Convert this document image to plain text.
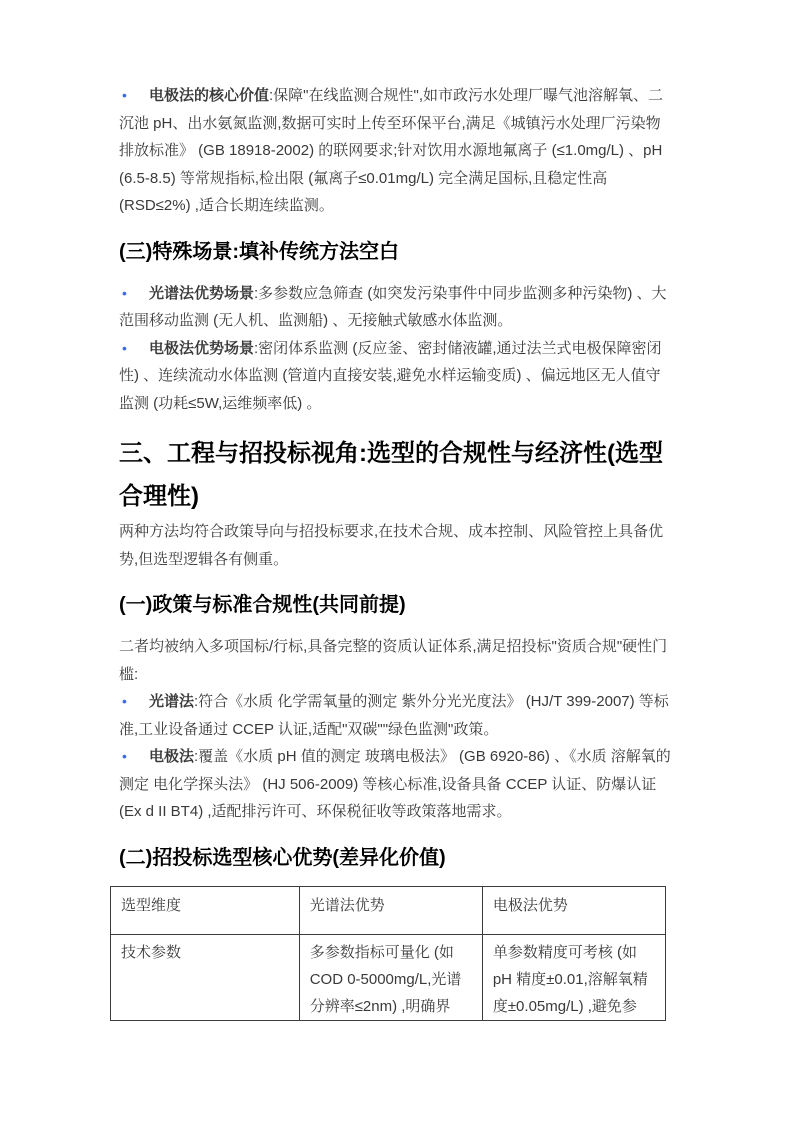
• 电极法的核心价值:保障"在线监测合规性",如市政污水处理厂曝气池溶解氧、二沉池 pH、出水氨氮监测,数据可实时上传至环保平台,满足《城镇污水处理厂污染物排放标准》 (GB 18918-2002) 的联网要求;针对饮用水源地氟离子 (≤1.0mg/L) 、pH (6.5-8.5) 等常规指标,检出限 (氟离子≤0.01mg/L) 完全满足国标,且稳定性高 (RSD≤2%) ,适合长期连续监测。
(三)特殊场景:填补传统方法空白
• 光谱法优势场景:多参数应急筛查 (如突发污染事件中同步监测多种污染物) 、大范围移动监测 (无人机、监测船) 、无接触式敏感水体监测。
• 电极法优势场景:密闭体系监测 (反应釜、密封储液罐,通过法兰式电极保障密闭性) 、连续流动水体监测 (管道内直接安装,避免水样运输变质) 、偏远地区无人值守监测 (功耗≤5W,运维频率低) 。
三、工程与招投标视角:选型的合规性与经济性(选型合理性)

两种方法均符合政策导向与招投标要求,在技术合规、成本控制、风险管控上具备优势,但选型逻辑各有侧重。

(一)政策与标准合规性(共同前提)

二者均被纳入多项国标/行标,具备完整的资质认证体系,满足招投标"资质合规"硬性门槛:

• 光谱法:符合《水质 化学需氧量的测定 紫外分光光度法》 (HJ/T 399-2007) 等标准,工业设备通过 CCEP 认证,适配"双碳""绿色监测"政策。
• 电极法:覆盖《水质 pH 值的测定 玻璃电极法》 (GB 6920-86) 、《水质 溶解氧的测定 电化学探头法》 (HJ 506-2009) 等核心标准,设备具备 CCEP 认证、防爆认证 (Ex d II BT4) ,适配排污许可、环保税征收等政策落地需求。
(二)招投标选型核心优势(差异化价值)
选型维度	光谱法优势	电极法优势

技术参数	多参数指标可量化 (如 COD 0-5000mg/L,光谱分辨率≤2nm) ,明确界	单参数精度可考核 (如 pH 精度±0.01,溶解氧精度±0.05mg/L) ,避免参
